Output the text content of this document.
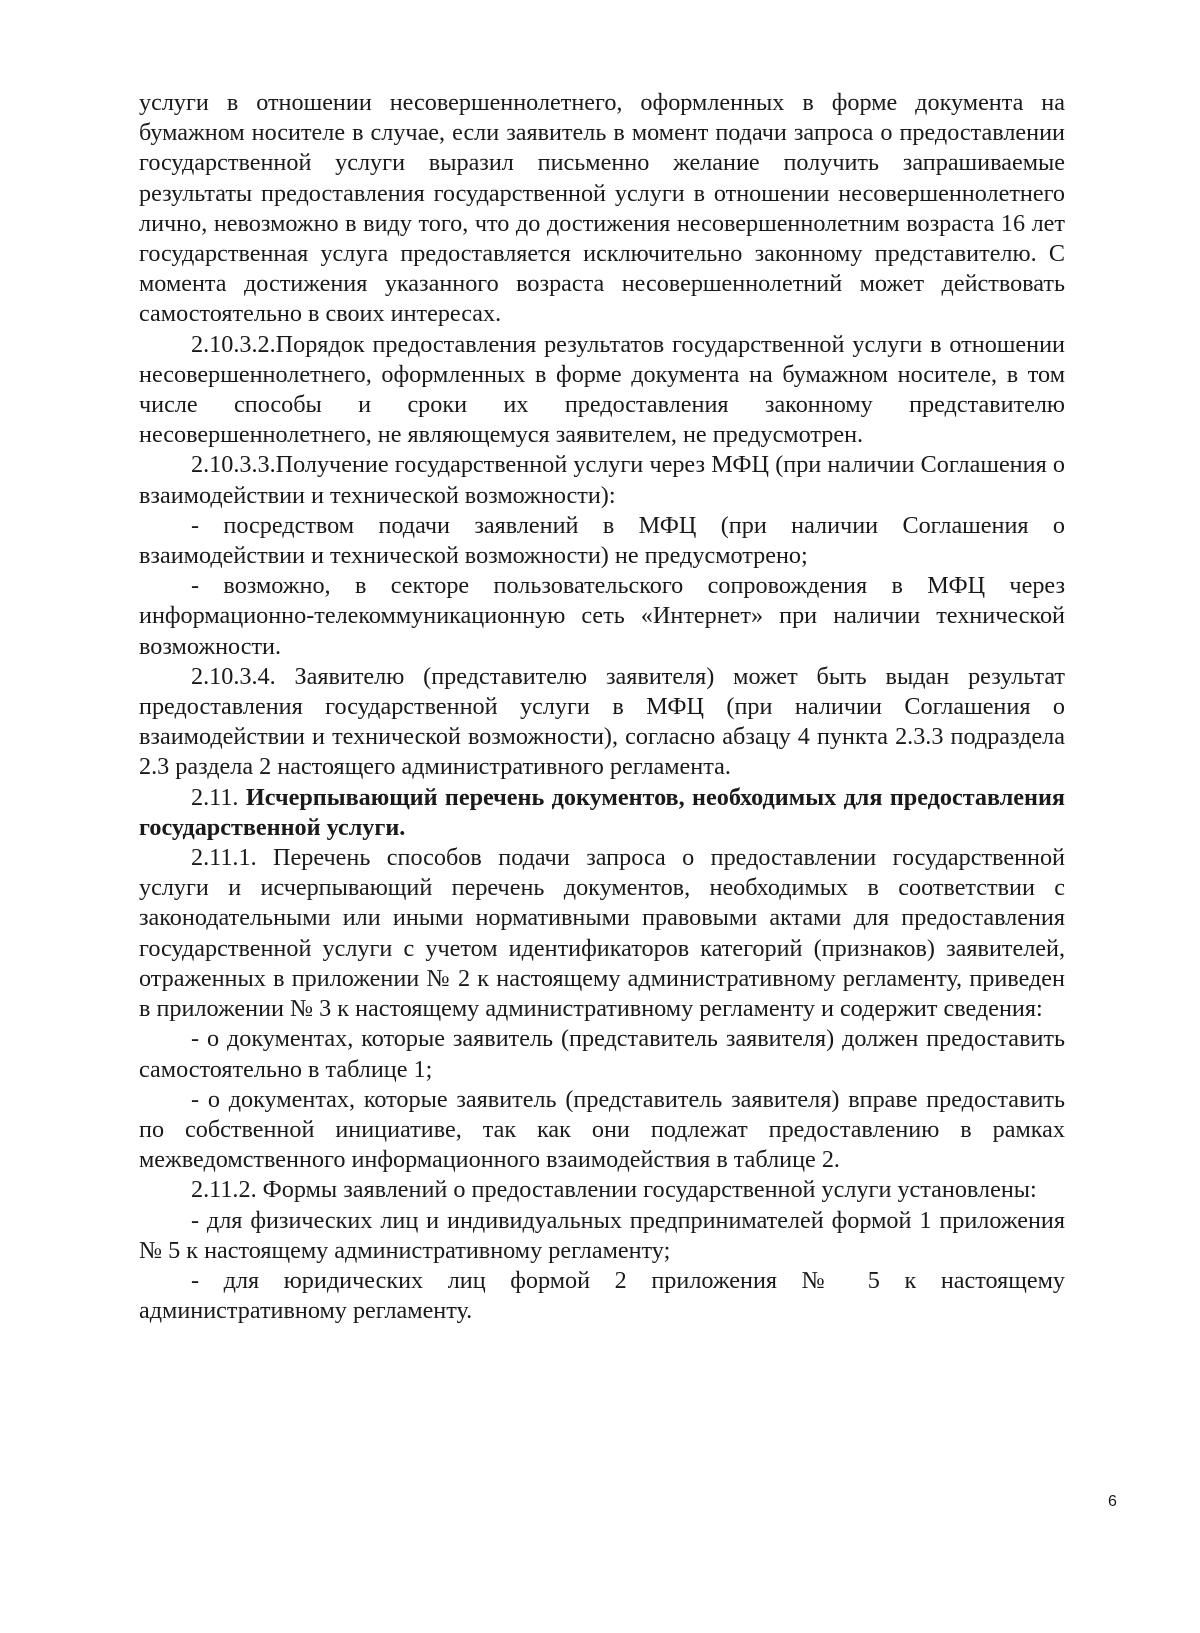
услуги в отношении несовершеннолетнего, оформленных в форме документа на бумажном носителе в случае, если заявитель в момент подачи запроса о предоставлении государственной услуги выразил письменно желание получить запрашиваемые результаты предоставления государственной услуги в отношении несовершеннолетнего лично, невозможно в виду того, что до достижения несовершеннолетним возраста 16 лет государственная услуга предоставляется исключительно законному представителю. С момента достижения указанного возраста несовершеннолетний может действовать самостоятельно в своих интересах.

2.10.3.2.Порядок предоставления результатов государственной услуги в отношении несовершеннолетнего, оформленных в форме документа на бумажном носителе, в том числе способы и сроки их предоставления законному представителю несовершеннолетнего, не являющемуся заявителем, не предусмотрен.

2.10.3.3.Получение государственной услуги через МФЦ (при наличии Соглашения о взаимодействии и технической возможности):

- посредством подачи заявлений в МФЦ (при наличии Соглашения о взаимодействии и технической возможности) не предусмотрено;

- возможно, в секторе пользовательского сопровождения в МФЦ через информационно-телекоммуникационную сеть «Интернет» при наличии технической возможности.

2.10.3.4. Заявителю (представителю заявителя) может быть выдан результат предоставления государственной услуги в МФЦ (при наличии Соглашения о взаимодействии и технической возможности), согласно абзацу 4 пункта 2.3.3 подраздела 2.3 раздела 2 настоящего административного регламента.

2.11. Исчерпывающий перечень документов, необходимых для предоставления государственной услуги.

2.11.1. Перечень способов подачи запроса о предоставлении государственной услуги и исчерпывающий перечень документов, необходимых в соответствии с законодательными или иными нормативными правовыми актами для предоставления государственной услуги с учетом идентификаторов категорий (признаков) заявителей, отраженных в приложении № 2 к настоящему административному регламенту, приведен в приложении № 3 к настоящему административному регламенту и содержит сведения:

- о документах, которые заявитель (представитель заявителя) должен предоставить самостоятельно в таблице 1;

- о документах, которые заявитель (представитель заявителя) вправе предоставить по собственной инициативе, так как они подлежат предоставлению в рамках межведомственного информационного взаимодействия в таблице 2.

2.11.2. Формы заявлений о предоставлении государственной услуги установлены:

- для физических лиц и индивидуальных предпринимателей формой 1 приложения № 5 к настоящему административному регламенту;

- для юридических лиц формой 2 приложения № 5 к настоящему административному регламенту.

6
